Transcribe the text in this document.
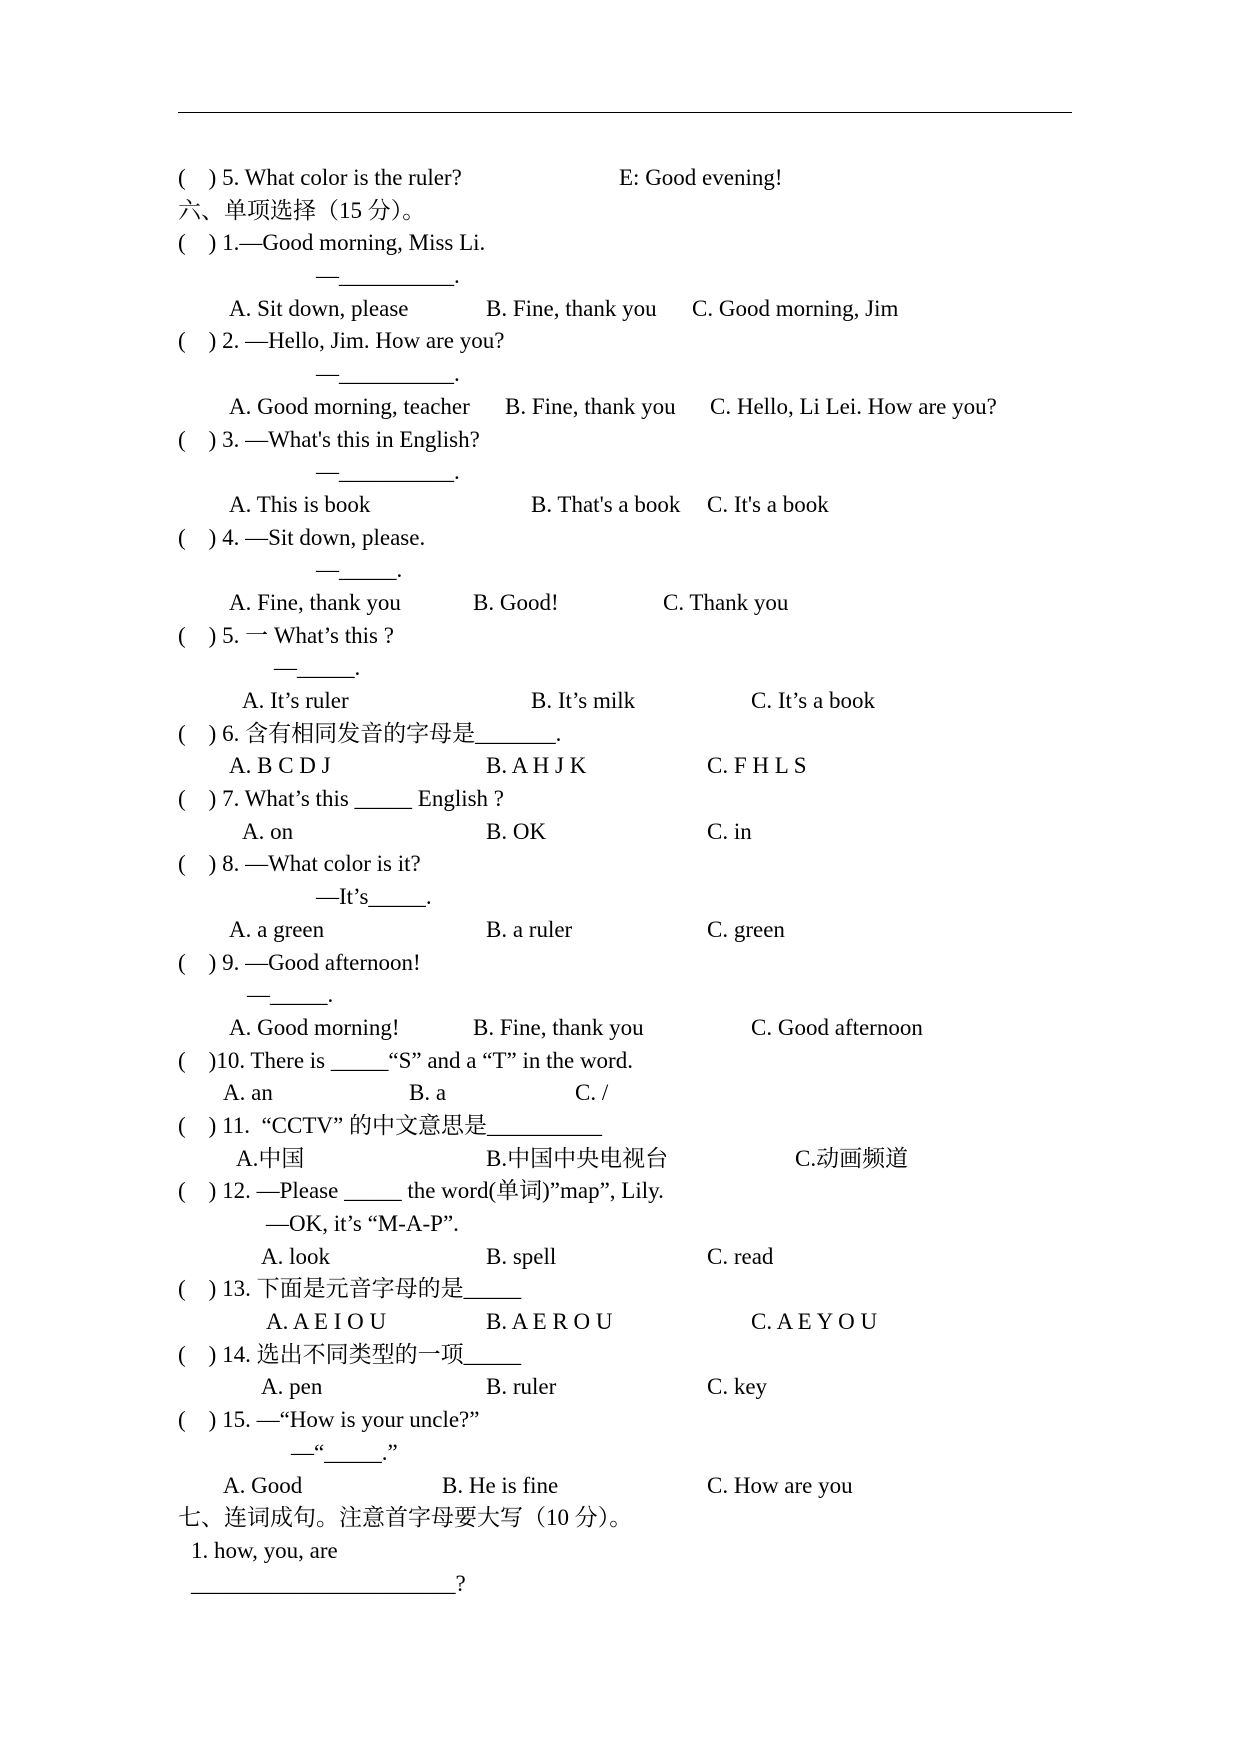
(    ) 5. What color is the ruler?	E: Good evening!
六、单项选择（15 分）。
(    ) 1.—Good morning, Miss Li.
—__________.
A. Sit down, please	B. Fine, thank you C. Good morning, Jim
(    ) 2. —Hello, Jim. How are you?
—__________.
A. Good morning, teacher B. Fine, thank you C. Hello, Li Lei. How are you?
(    ) 3. —What's this in English?
—__________.
A. This is book	B. That's a book C. It's a book
(    ) 4. —Sit down, please.
—_____.
A. Fine, thank you	B. Good!	C. Thank you
(    ) 5. 一 What’s this ?
—_____.
A. It’s ruler	B. It’s milk	C. It’s a book
(    ) 6. 含有相同发音的字母是_______.
A. B C D J	B. A H J K	C. F H L S
(    ) 7. What’s this _____ English ?
A. on	B. OK	C. in
(    ) 8. —What color is it?
—It’s_____.
A. a green	B. a ruler	C. green
(    ) 9. —Good afternoon!
—_____.
A. Good morning!	B. Fine, thank you	C. Good afternoon
(    )10. There is _____“S” and a “T” in the word.
A. an	B. a	C. /
(    ) 11.  “CCTV” 的中文意思是__________
A.中国	B.中国中央电视台	C.动画频道
(    ) 12. —Please _____ the word(单词)”map”, Lily.
—OK, it’s “M-A-P”.
A. look	B. spell	C. read
(    ) 13. 下面是元音字母的是_____
A. A E I O U	B. A E R O U	C. A E Y O U
(    ) 14. 选出不同类型的一项_____
A. pen	B. ruler	C. key
(    ) 15. —“How is your uncle?”
—“_____.”
A. Good	B. He is fine	C. How are you
七、连词成句。注意首字母要大写（10 分）。
1. how, you, are
_______________________?
